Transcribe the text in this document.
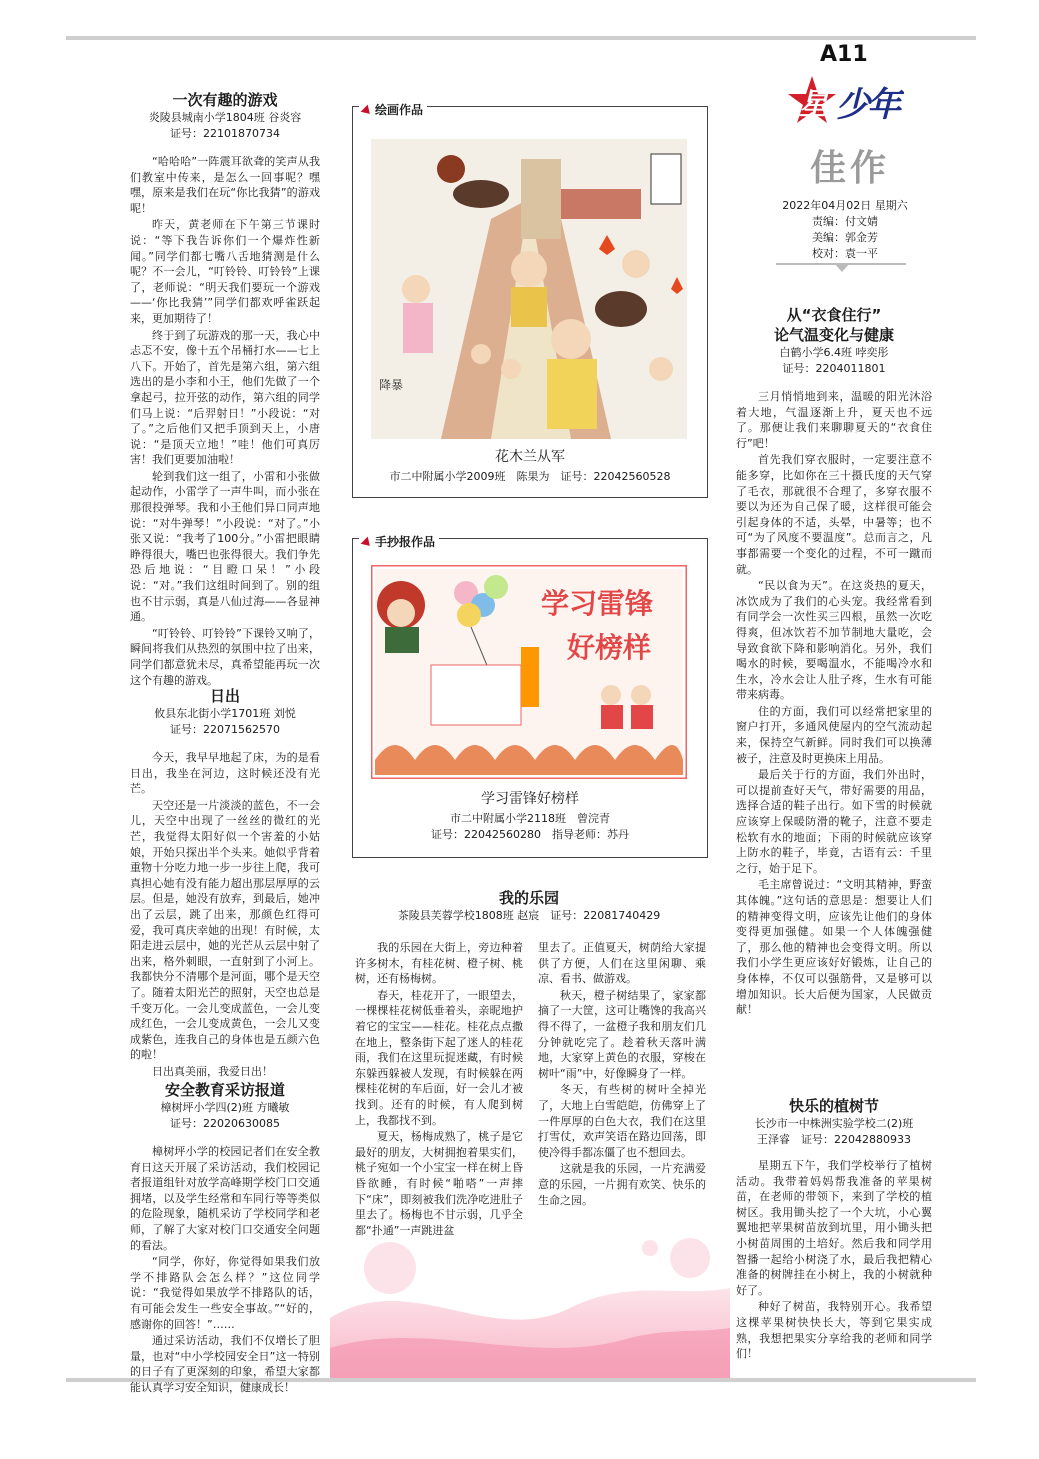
A11
星 少年
佳作
2022年04月02日 星期六
责编：付文婧
美编：郭金芳
校对：袁一平
一次有趣的游戏

炎陵县城南小学1804班 谷炎容

证号：22101870734

“哈哈哈”一阵震耳欲聋的笑声从我们教室中传来，是怎么一回事呢？嘿嘿，原来是我们在玩“你比我猜”的游戏呢！

昨天，黄老师在下午第三节课时说：“等下我告诉你们一个爆炸性新闻。”同学们都七嘴八舌地猜测是什么呢？不一会儿，“叮铃铃、叮铃铃”上课了，老师说：“明天我们要玩一个游戏——‘你比我猜’”同学们都欢呼雀跃起来，更加期待了！

终于到了玩游戏的那一天，我心中忐忑不安，像十五个吊桶打水——七上八下。开始了，首先是第六组，第六组选出的是小李和小王，他们先做了一个拿起弓，拉开弦的动作，第六组的同学们马上说：“后羿射日！”小段说：“对了。”之后他们又把手顶到天上，小唐说：“是顶天立地！”哇！他们可真厉害！我们更要加油啦！

轮到我们这一组了，小雷和小张做起动作，小雷学了一声牛叫，而小张在那很投弹琴。我和小王他们异口同声地说：“对牛弹琴！”小段说：“对了。”小张又说：“我考了100分。”小雷把眼睛睁得很大，嘴巴也张得很大。我们争先恐后地说：“目瞪口呆！”小段说：“对。”我们这组时间到了。别的组也不甘示弱，真是八仙过海——各显神通。

“叮铃铃、叮铃铃”下课铃又响了，瞬间将我们从热烈的氛围中拉了出来，同学们都意犹未尽，真希望能再玩一次这个有趣的游戏。

日出

攸县东北街小学1701班 刘悦

证号：22071562570

今天，我早早地起了床，为的是看日出，我坐在河边，这时候还没有光芒。

天空还是一片淡淡的蓝色，不一会儿，天空中出现了一丝丝的微红的光芒，我觉得太阳好似一个害羞的小姑娘，开始只探出半个头来。她似乎背着重物十分吃力地一步一步往上爬，我可真担心她有没有能力超出那层厚厚的云层。但是，她没有放弃，到最后，她冲出了云层，跳了出来，那颜色红得可爱，我可真庆幸她的出现！有时候，太阳走进云层中，她的光芒从云层中射了出来，格外刺眼，一直射到了小河上。我都快分不清哪个是河面，哪个是天空了。随着太阳光芒的照射，天空也总是千变万化。一会儿变成蓝色，一会儿变成红色，一会儿变成黄色，一会儿又变成紫色，连我自己的身体也是五颜六色的啦！

日出真美丽，我爱日出！

安全教育采访报道

樟树坪小学四(2)班 方曦敏

证号：22020630085

樟树坪小学的校园记者们在安全教育日这天开展了采访活动，我们校园记者报道组针对放学高峰期学校门口交通拥堵，以及学生经常和车同行等等类似的危险现象，随机采访了学校同学和老师，了解了大家对校门口交通安全问题的看法。

“同学，你好，你觉得如果我们放学不排路队会怎么样？”这位同学说：“我觉得如果放学不排路队的话，有可能会发生一些安全事故。”“好的，感谢你的回答！”……

通过采访活动，我们不仅增长了胆量，也对“中小学校园安全日”这一特别的日子有了更深刻的印象，希望大家都能认真学习安全知识，健康成长！

绘画作品
降暴
花木兰从军
市二中附属小学2009班　陈果为　证号：22042560528
手抄报作品
学习雷锋
好榜样
学习雷锋好榜样
市二中附属小学2118班　曾浣青
证号：22042560280　指导老师：苏丹
我的乐园

茶陵县芙蓉学校1808班 赵宸　证号：22081740429

我的乐园在大街上，旁边种着许多树木，有桂花树、橙子树、桃树，还有杨梅树。

春天，桂花开了，一眼望去，一棵棵桂花树低垂着头，亲昵地护着它的宝宝——桂花。桂花点点撒在地上，整条街下起了迷人的桂花雨，我们在这里玩捉迷藏，有时候东躲西躲被人发现，有时候躲在两棵桂花树的车后面，好一会儿才被找到。还有的时候，有人爬到树上，我都找不到。

夏天，杨梅成熟了，桃子是它最好的朋友，大树拥抱着果实们，桃子宛如一个小宝宝一样在树上昏昏欲睡，有时候“啪嗒”一声摔下“床”，即刻被我们洗净吃进肚子里去了。杨梅也不甘示弱，几乎全都“扑通”一声跳进盆

里去了。正值夏天，树荫给大家提供了方便，人们在这里闲聊、乘凉、看书、做游戏。

秋天，橙子树结果了，家家都摘了一大筐，这可让嘴馋的我高兴得不得了，一盆橙子我和朋友们几分钟就吃完了。趁着秋天落叶满地，大家穿上黄色的衣服，穿梭在树叶“雨”中，好像瞬身了一样。

冬天，有些树的树叶全掉光了，大地上白雪皑皑，仿佛穿上了一件厚厚的白色大衣，我们在这里打雪仗，欢声笑语在路边回荡，即使冷得手都冻僵了也不想回去。

这就是我的乐园，一片充满爱意的乐园，一片拥有欢笑、快乐的生命之园。

从“衣食住行”
论气温变化与健康

白鹤小学6.4班 哱奕彤

证号：2204011801

三月悄悄地到来，温暖的阳光沐浴着大地，气温逐渐上升，夏天也不远了。那便让我们来聊聊夏天的“衣食住行”吧！

首先我们穿衣服时，一定要注意不能多穿，比如你在三十摄氏度的天气穿了毛衣，那就很不合理了，多穿衣服不要以为还为自己保了暖，这样很可能会引起身体的不适，头晕，中暑等；也不可“为了风度不要温度”。总而言之，凡事都需要一个变化的过程，不可一蹴而就。

“民以食为天”。在这炎热的夏天，冰饮成为了我们的心头宠。我经常看到有同学会一次性买三四根，虽然一次吃得爽，但冰饮若不加节制地大量吃，会导致食欲下降和影响消化。另外，我们喝水的时候，要喝温水，不能喝冷水和生水，冷水会让人肚子疼，生水有可能带来病毒。

住的方面，我们可以经常把家里的窗户打开，多通风使屋内的空气流动起来，保持空气新鲜。同时我们可以换薄被子，注意及时更换床上用品。

最后关于行的方面，我们外出时，可以提前查好天气，带好需要的用品，选择合适的鞋子出行。如下雪的时候就应该穿上保暖防滑的靴子，注意不要走松软有水的地面；下雨的时候就应该穿上防水的鞋子，毕竟，古语有云：千里之行，始于足下。

毛主席曾说过：“文明其精神，野蛮其体魄。”这句话的意思是：想要让人们的精神变得文明，应该先让他们的身体变得更加强健。如果一个人体魄强健了，那么他的精神也会变得文明。所以我们小学生更应该好好锻炼，让自己的身体棒，不仅可以强筋骨，又是够可以增加知识。长大后便为国家，人民做贡献！

快乐的植树节

长沙市一中株洲实验学校二(2)班

王泽睿　证号：22042880933

星期五下午，我们学校举行了植树活动。我带着妈妈帮我准备的苹果树苗，在老师的带领下，来到了学校的植树区。我用锄头挖了一个大坑，小心翼翼地把苹果树苗放到坑里，用小锄头把小树苗周围的土培好。然后我和同学用智播一起给小树浇了水，最后我把精心准备的树牌挂在小树上，我的小树就种好了。

种好了树苗，我特别开心。我希望这棵苹果树快快长大，等到它果实成熟，我想把果实分享给我的老师和同学们！
